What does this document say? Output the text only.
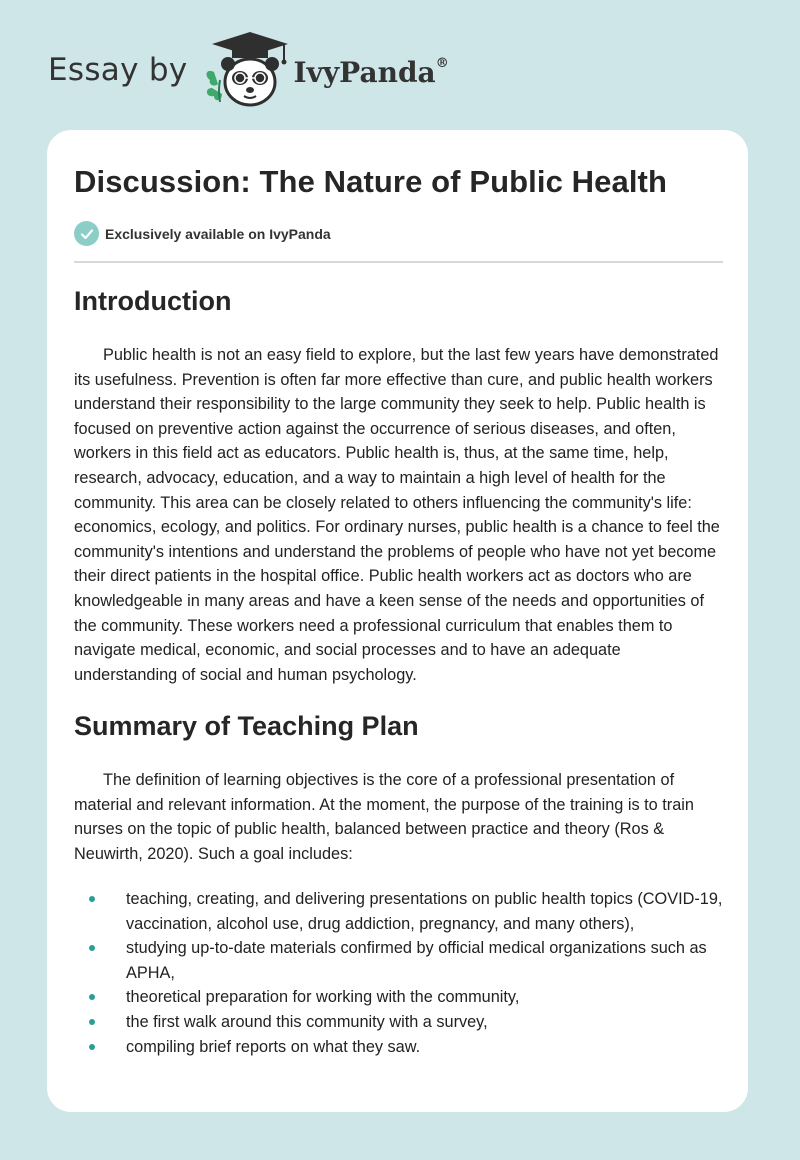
Essay by	IvyPanda®
Discussion: The Nature of Public Health
Exclusively available on IvyPanda
Introduction

Public health is not an easy field to explore, but the last few years have demonstrated its usefulness. Prevention is often far more effective than cure, and public health workers understand their responsibility to the large community they seek to help. Public health is focused on preventive action against the occurrence of serious diseases, and often, workers in this field act as educators. Public health is, thus, at the same time, help, research, advocacy, education, and a way to maintain a high level of health for the community. This area can be closely related to others influencing the community's life: economics, ecology, and politics. For ordinary nurses, public health is a chance to feel the community's intentions and understand the problems of people who have not yet become their direct patients in the hospital office. Public health workers act as doctors who are knowledgeable in many areas and have a keen sense of the needs and opportunities of the community. These workers need a professional curriculum that enables them to navigate medical, economic, and social processes and to have an adequate understanding of social and human psychology.

Summary of Teaching Plan

The definition of learning objectives is the core of a professional presentation of material and relevant information. At the moment, the purpose of the training is to train nurses on the topic of public health, balanced between practice and theory (Ros & Neuwirth, 2020). Such a goal includes:

teaching, creating, and delivering presentations on public health topics (COVID-19, vaccination, alcohol use, drug addiction, pregnancy, and many others),
studying up-to-date materials confirmed by official medical organizations such as APHA,
theoretical preparation for working with the community,
the first walk around this community with a survey,
compiling brief reports on what they saw.
